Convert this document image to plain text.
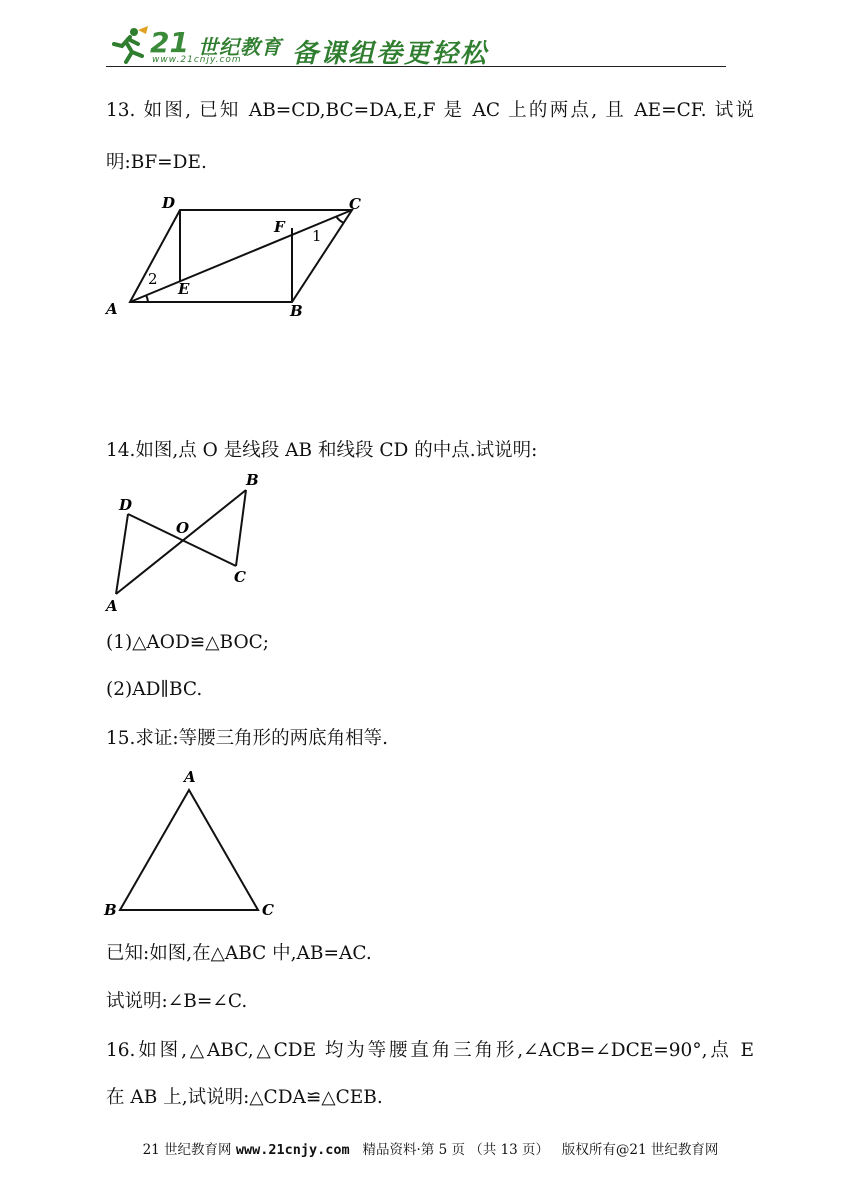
21 世纪教育
www.21cnjy.com 备课组卷更轻松
13. 如图, 已知 AB=CD,BC=DA,E,F 是 AC 上的两点, 且 AE=CF. 试说
明:BF=DE.
A	B
C
D
E
F 1
2
14.如图,点 O 是线段 AB 和线段 CD 的中点.试说明:
A
B
C
D
O
(1)△AOD≌△BOC;
(2)AD∥BC.
15.求证:等腰三角形的两底角相等.
A
B	C
已知:如图,在△ABC 中,AB=AC.
试说明:∠B=∠C.
16.如图,△ABC,△CDE 均为等腰直角三角形,∠ACB=∠DCE=90°,点 E
在 AB 上,试说明:△CDA≌△CEB.
21 世纪教育网 www.21cnjy.com 精品资料·第 5 页 （共 13 页） 版权所有@21 世纪教育网
